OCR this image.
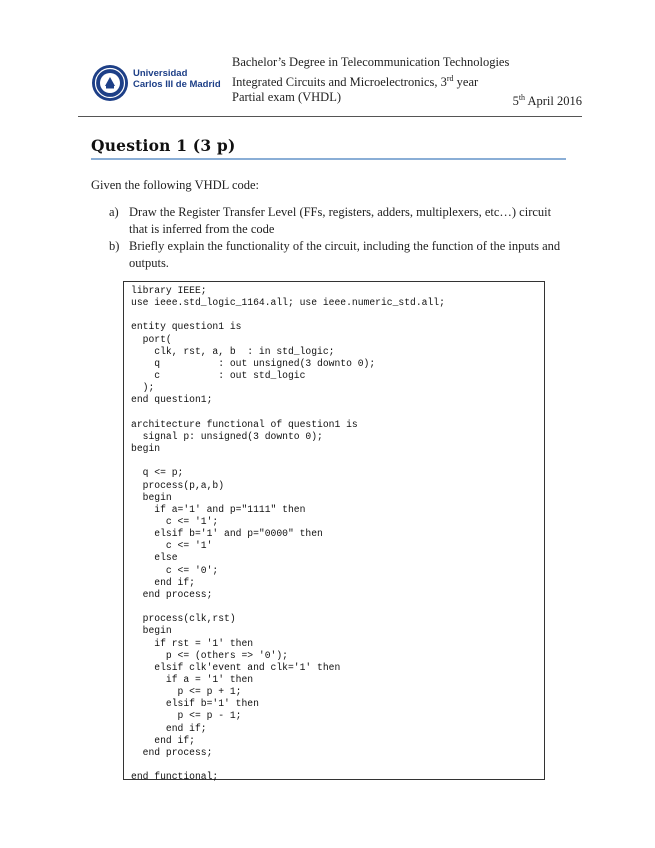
Universidad
Carlos III de Madrid
Bachelor’s Degree in Telecommunication Technologies
Integrated Circuits and Microelectronics, 3rd year
Partial exam (VHDL)	5th April 2016
Question 1 (3 p)
Given the following VHDL code:
a) Draw the Register Transfer Level (FFs, registers, adders, multiplexers, etc…) circuit that is inferred from the code
b) Briefly explain the functionality of the circuit, including the function of the inputs and outputs.
library IEEE;
use ieee.std_logic_1164.all; use ieee.numeric_std.all;

entity question1 is
port(
clk, rst, a, b  : in std_logic;
q          : out unsigned(3 downto 0);
c          : out std_logic
);
end question1;

architecture functional of question1 is
signal p: unsigned(3 downto 0);
begin

q <= p;
process(p,a,b)
begin
if a='1' and p="1111" then
c <= '1';
elsif b='1' and p="0000" then
c <= '1'
else
c <= '0';
end if;
end process;

process(clk,rst)
begin
if rst = '1' then
p <= (others => '0');
elsif clk'event and clk='1' then
if a = '1' then
p <= p + 1;
elsif b='1' then
p <= p - 1;
end if;
end if;
end process;

end functional;
